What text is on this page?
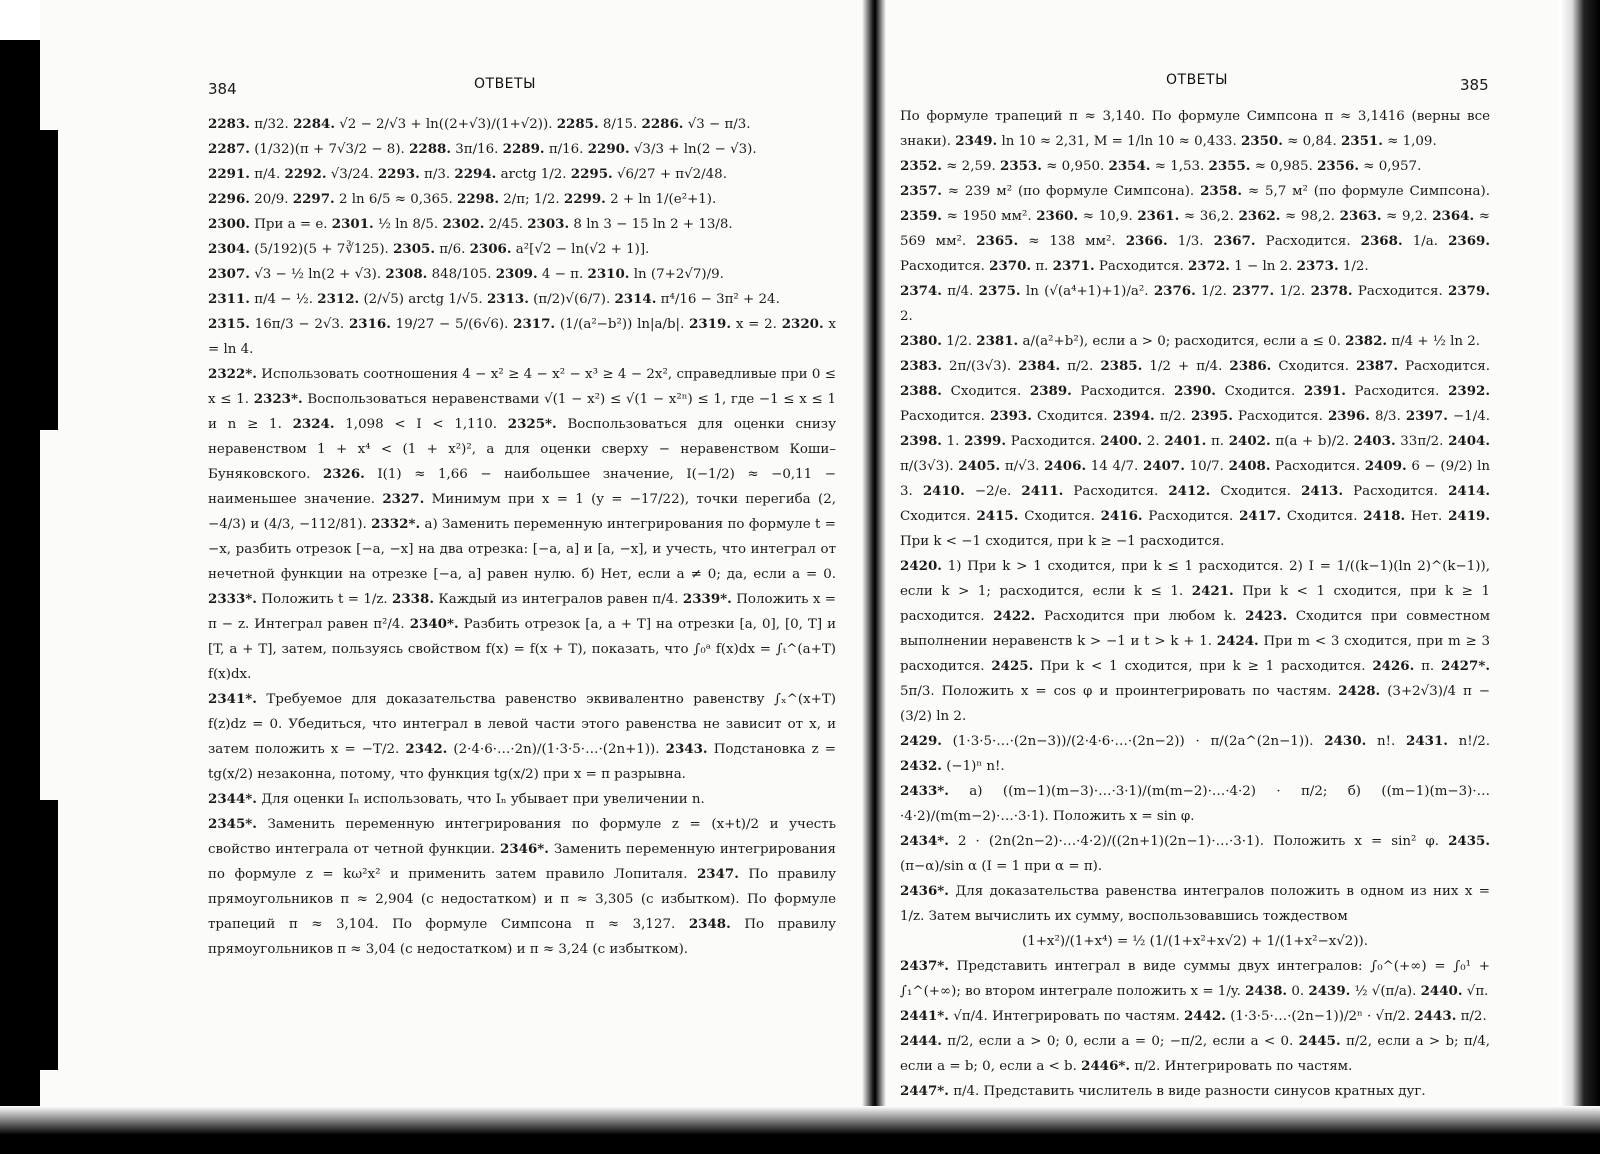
384	ОТВЕТЫ

2283. π/32. 2284. √2 − 2/√3 + ln((2+√3)/(1+√2)). 2285. 8/15. 2286. √3 − π/3.

2287. (1/32)(π + 7√3/2 − 8). 2288. 3π/16. 2289. π/16. 2290. √3/3 + ln(2 − √3).

2291. π/4. 2292. √3/24. 2293. π/3. 2294. arctg 1/2. 2295. √6/27 + π√2/48.

2296. 20/9. 2297. 2 ln 6/5 ≈ 0,365. 2298. 2/π; 1/2. 2299. 2 + ln 1/(e²+1).

2300. При a = e. 2301. ½ ln 8/5. 2302. 2/45. 2303. 8 ln 3 − 15 ln 2 + 13/8.

2304. (5/192)(5 + 7∛125). 2305. π/6. 2306. a²[√2 − ln(√2 + 1)].

2307. √3 − ½ ln(2 + √3). 2308. 848/105. 2309. 4 − π. 2310. ln (7+2√7)/9.

2311. π/4 − ½. 2312. (2/√5) arctg 1/√5. 2313. (π/2)√(6/7). 2314. π⁴/16 − 3π² + 24.

2315. 16π/3 − 2√3. 2316. 19/27 − 5/(6√6). 2317. (1/(a²−b²)) ln|a/b|. 2319. x = 2. 2320. x = ln 4.

2322*. Использовать соотношения 4 − x² ≥ 4 − x² − x³ ≥ 4 − 2x², справедливые при 0 ≤ x ≤ 1. 2323*. Воспользоваться неравенствами √(1 − x²) ≤ √(1 − x²ⁿ) ≤ 1, где −1 ≤ x ≤ 1 и n ≥ 1. 2324. 1,098 < I < 1,110. 2325*. Воспользоваться для оценки снизу неравенством 1 + x⁴ < (1 + x²)², а для оценки сверху − неравенством Коши–Буняковского. 2326. I(1) ≈ 1,66 − наибольшее значение, I(−1/2) ≈ −0,11 − наименьшее значение. 2327. Минимум при x = 1 (y = −17/22), точки перегиба (2, −4/3) и (4/3, −112/81). 2332*. а) Заменить переменную интегрирования по формуле t = −x, разбить отрезок [−a, −x] на два отрезка: [−a, a] и [a, −x], и учесть, что интеграл от нечетной функции на отрезке [−a, a] равен нулю. б) Нет, если a ≠ 0; да, если a = 0. 2333*. Положить t = 1/z. 2338. Каждый из интегралов равен π/4. 2339*. Положить x = π − z. Интеграл равен π²/4. 2340*. Разбить отрезок [a, a + T] на отрезки [a, 0], [0, T] и [T, a + T], затем, пользуясь свойством f(x) = f(x + T), показать, что ∫₀ᵃ f(x)dx = ∫ₜ^(a+T) f(x)dx.

2341*. Требуемое для доказательства равенство эквивалентно равенству ∫ₓ^(x+T) f(z)dz = 0. Убедиться, что интеграл в левой части этого равенства не зависит от x, и затем положить x = −T/2. 2342. (2·4·6·…·2n)/(1·3·5·…·(2n+1)). 2343. Подстановка z = tg(x/2) незаконна, потому, что функция tg(x/2) при x = π разрывна.

2344*. Для оценки Iₙ использовать, что Iₙ убывает при увеличении n.

2345*. Заменить переменную интегрирования по формуле z = (x+t)/2 и учесть свойство интеграла от четной функции. 2346*. Заменить переменную интегрирования по формуле z = kω²x² и применить затем правило Лопиталя. 2347. По правилу прямоугольников π ≈ 2,904 (с недостатком) и π ≈ 3,305 (с избытком). По формуле трапеций π ≈ 3,104. По формуле Симпсона π ≈ 3,127. 2348. По правилу прямоугольников π ≈ 3,04 (с недостатком) и π ≈ 3,24 (с избытком).

ОТВЕТЫ	385

По формуле трапеций π ≈ 3,140. По формуле Симпсона π ≈ 3,1416 (верны все знаки). 2349. ln 10 ≈ 2,31, M = 1/ln 10 ≈ 0,433. 2350. ≈ 0,84. 2351. ≈ 1,09.

2352. ≈ 2,59. 2353. ≈ 0,950. 2354. ≈ 1,53. 2355. ≈ 0,985. 2356. ≈ 0,957.

2357. ≈ 239 м² (по формуле Симпсона). 2358. ≈ 5,7 м² (по формуле Симпсона). 2359. ≈ 1950 мм². 2360. ≈ 10,9. 2361. ≈ 36,2. 2362. ≈ 98,2. 2363. ≈ 9,2. 2364. ≈ 569 мм². 2365. ≈ 138 мм². 2366. 1/3. 2367. Расходится. 2368. 1/a. 2369. Расходится. 2370. π. 2371. Расходится. 2372. 1 − ln 2. 2373. 1/2.

2374. π/4. 2375. ln (√(a⁴+1)+1)/a². 2376. 1/2. 2377. 1/2. 2378. Расходится. 2379. 2.

2380. 1/2. 2381. a/(a²+b²), если a > 0; расходится, если a ≤ 0. 2382. π/4 + ½ ln 2.

2383. 2π/(3√3). 2384. π/2. 2385. 1/2 + π/4. 2386. Сходится. 2387. Расходится. 2388. Сходится. 2389. Расходится. 2390. Сходится. 2391. Расходится. 2392. Расходится. 2393. Сходится. 2394. π/2. 2395. Расходится. 2396. 8/3. 2397. −1/4. 2398. 1. 2399. Расходится. 2400. 2. 2401. π. 2402. π(a + b)/2. 2403. 33π/2. 2404. π/(3√3). 2405. π/√3. 2406. 14 4/7. 2407. 10/7. 2408. Расходится. 2409. 6 − (9/2) ln 3. 2410. −2/e. 2411. Расходится. 2412. Сходится. 2413. Расходится. 2414. Сходится. 2415. Сходится. 2416. Расходится. 2417. Сходится. 2418. Нет. 2419. При k < −1 сходится, при k ≥ −1 расходится.

2420. 1) При k > 1 сходится, при k ≤ 1 расходится. 2) I = 1/((k−1)(ln 2)^(k−1)), если k > 1; расходится, если k ≤ 1. 2421. При k < 1 сходится, при k ≥ 1 расходится. 2422. Расходится при любом k. 2423. Сходится при совместном выполнении неравенств k > −1 и t > k + 1. 2424. При m < 3 сходится, при m ≥ 3 расходится. 2425. При k < 1 сходится, при k ≥ 1 расходится. 2426. π. 2427*. 5π/3. Положить x = cos φ и проинтегрировать по частям. 2428. (3+2√3)/4 π − (3/2) ln 2.

2429. (1·3·5·…·(2n−3))/(2·4·6·…·(2n−2)) · π/(2a^(2n−1)). 2430. n!. 2431. n!/2. 2432. (−1)ⁿ n!.

2433*. а) ((m−1)(m−3)·…·3·1)/(m(m−2)·…·4·2) · π/2; б) ((m−1)(m−3)·…·4·2)/(m(m−2)·…·3·1). Положить x = sin φ.

2434*. 2 · (2n(2n−2)·…·4·2)/((2n+1)(2n−1)·…·3·1). Положить x = sin² φ. 2435. (π−α)/sin α (I = 1 при α = π).

2436*. Для доказательства равенства интегралов положить в одном из них x = 1/z. Затем вычислить их сумму, воспользовавшись тождеством

(1+x²)/(1+x⁴) = ½ (1/(1+x²+x√2) + 1/(1+x²−x√2)).

2437*. Представить интеграл в виде суммы двух интегралов: ∫₀^(+∞) = ∫₀¹ + ∫₁^(+∞); во втором интеграле положить x = 1/y. 2438. 0. 2439. ½ √(π/a). 2440. √π.

2441*. √π/4. Интегрировать по частям. 2442. (1·3·5·…·(2n−1))/2ⁿ · √π/2. 2443. π/2.

2444. π/2, если a > 0; 0, если a = 0; −π/2, если a < 0. 2445. π/2, если a > b; π/4, если a = b; 0, если a < b. 2446*. π/2. Интегрировать по частям.

2447*. π/4. Представить числитель в виде разности синусов кратных дуг.
